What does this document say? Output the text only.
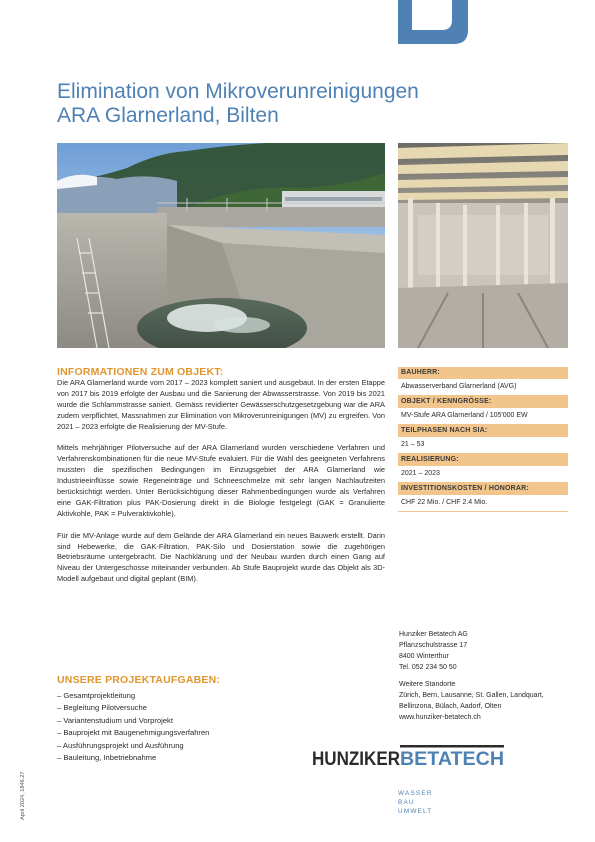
Elimination von Mikroverunreinigungen
ARA Glarnerland, Bilten
INFORMATIONEN ZUM OBJEKT:

Die ARA Glarnerland wurde vom 2017 – 2023 komplett saniert und ausgebaut. In der ersten Etappe von 2017 bis 2019 erfolgte der Ausbau und die Sanierung der Abwasserstrasse. Von 2019 bis 2021 wurde die Schlammstrasse saniert. Gemäss revidierter Gewässerschutzgesetzgebung war die ARA zudem verpflichtet, Massnahmen zur Elimination von Mikroverunreinigungen (MV) zu ergreifen. Von 2021 – 2023 erfolgte die Realisierung der MV-Stufe.

Mittels mehrjähriger Pilotversuche auf der ARA Glarnerland wurden verschiedene Verfahren und Verfahrenskombinationen für die neue MV-Stufe evaluiert. Für die Wahl des geeigneten Verfahrens mussten die spezifischen Bedingungen im Einzugsgebiet der ARA Glarnerland wie Industrieeinflüsse sowie Regeneinträge und Schneeschmelze mit sehr langen Nachlaufzeiten berücksichtigt werden. Unter Berücksichtigung dieser Rahmenbedingungen wurde als Verfahren eine GAK-Filtration plus PAK-Dosierung direkt in die Biologie festgelegt (GAK = Granulierte Aktivkohle, PAK = Pulveraktivkohle).

Für die MV-Anlage wurde auf dem Gelände der ARA Glarnerland ein neues Bauwerk erstellt. Darin sind Hebewerke, die GAK-Filtration, PAK-Silo und Dosierstation sowie die zugehörigen Betriebsräume untergebracht. Die Nachklärung und der Neubau wurden durch einen Gang auf Niveau der Untergeschosse miteinander verbunden. Ab Stufe Bauprojekt wurde das Objekt als 3D-Modell aufgebaut und digital geplant (BIM).

UNSERE PROJEKTAUFGABEN:
– Gesamtprojektleitung
– Begleitung Pilotversuche
– Variantenstudium und Vorprojekt
– Bauprojekt mit Baugenehmigungsverfahren
– Ausführungsprojekt und Ausführung
– Bauleitung, Inbetriebnahme
BAUHERR:
Abwasserverband Glarnerland (AVG)
OBJEKT / KENNGRÖSSE:
MV-Stufe ARA Glarnerland / 105'000 EW
TEILPHASEN NACH SIA:
21 – 53
REALISIERUNG:
2021 – 2023
INVESTITIONSKOSTEN / HONORAR:
CHF 22 Mio. / CHF 2.4 Mio.
Hunziker Betatech AG
Pflanzschulstrasse 17
8400 Winterthur
Tel. 052 234 50 50
Weitere Standorte
Zürich, Bern, Lausanne, St. Gallen, Landquart,
Bellinzona, Bülach, Aadorf, Olten
www.hunziker-betatech.ch
HUNZIKER BETATECH
WASSER
BAU
UMWELT
April 2024, 1846.27
